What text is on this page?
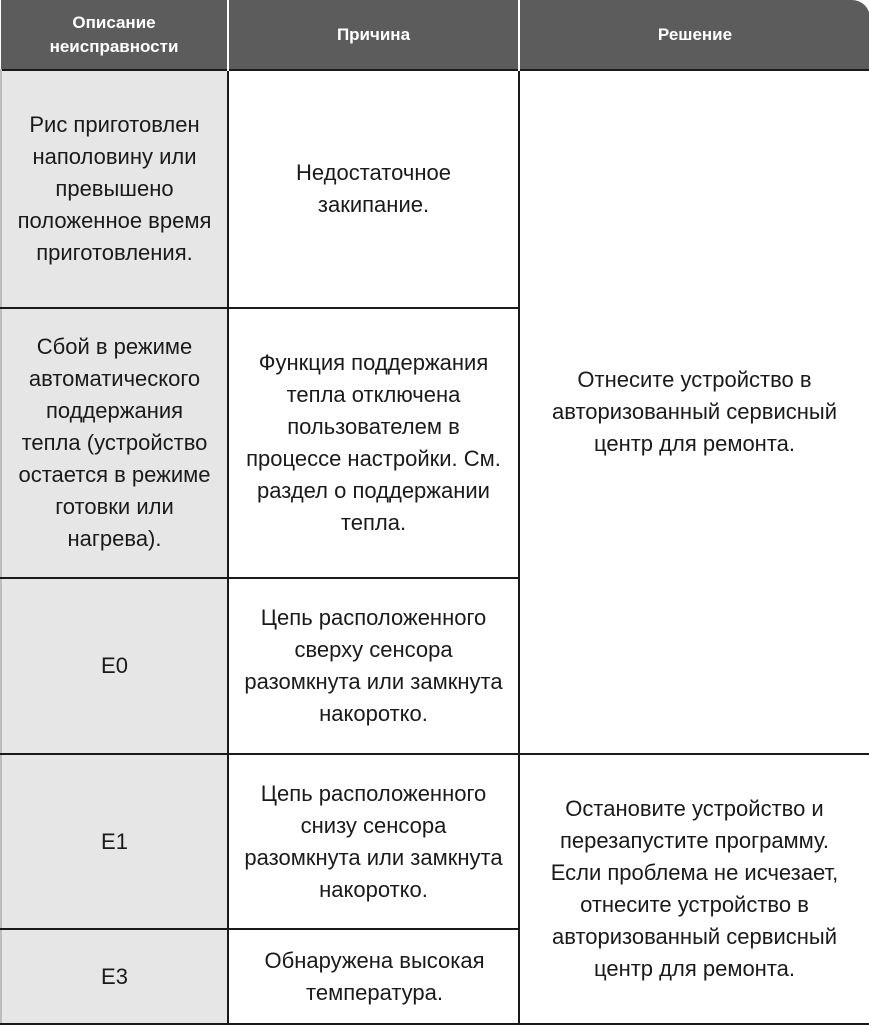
Описание неисправности	Причина	Решение
Рис приготовлен наполовину или превышено положенное время приготовления.	Недостаточное закипание.	Отнесите устройство в авторизованный сервисный центр для ремонта.

Сбой в режиме автоматического поддержания тепла (устройство остается в режиме готовки или нагрева).	Функция поддержания тепла отключена пользователем в процессе настройки. См. раздел о поддержании тепла.	

E0	Цепь расположенного сверху сенсора разомкнута или замкнута накоротко.	

E1	Цепь расположенного снизу сенсора разомкнута или замкнута накоротко.	Остановите устройство и перезапустите программу. Если проблема не исчезает, отнесите устройство в авторизованный сервисный центр для ремонта.

E3	Обнаружена высокая температура.	
